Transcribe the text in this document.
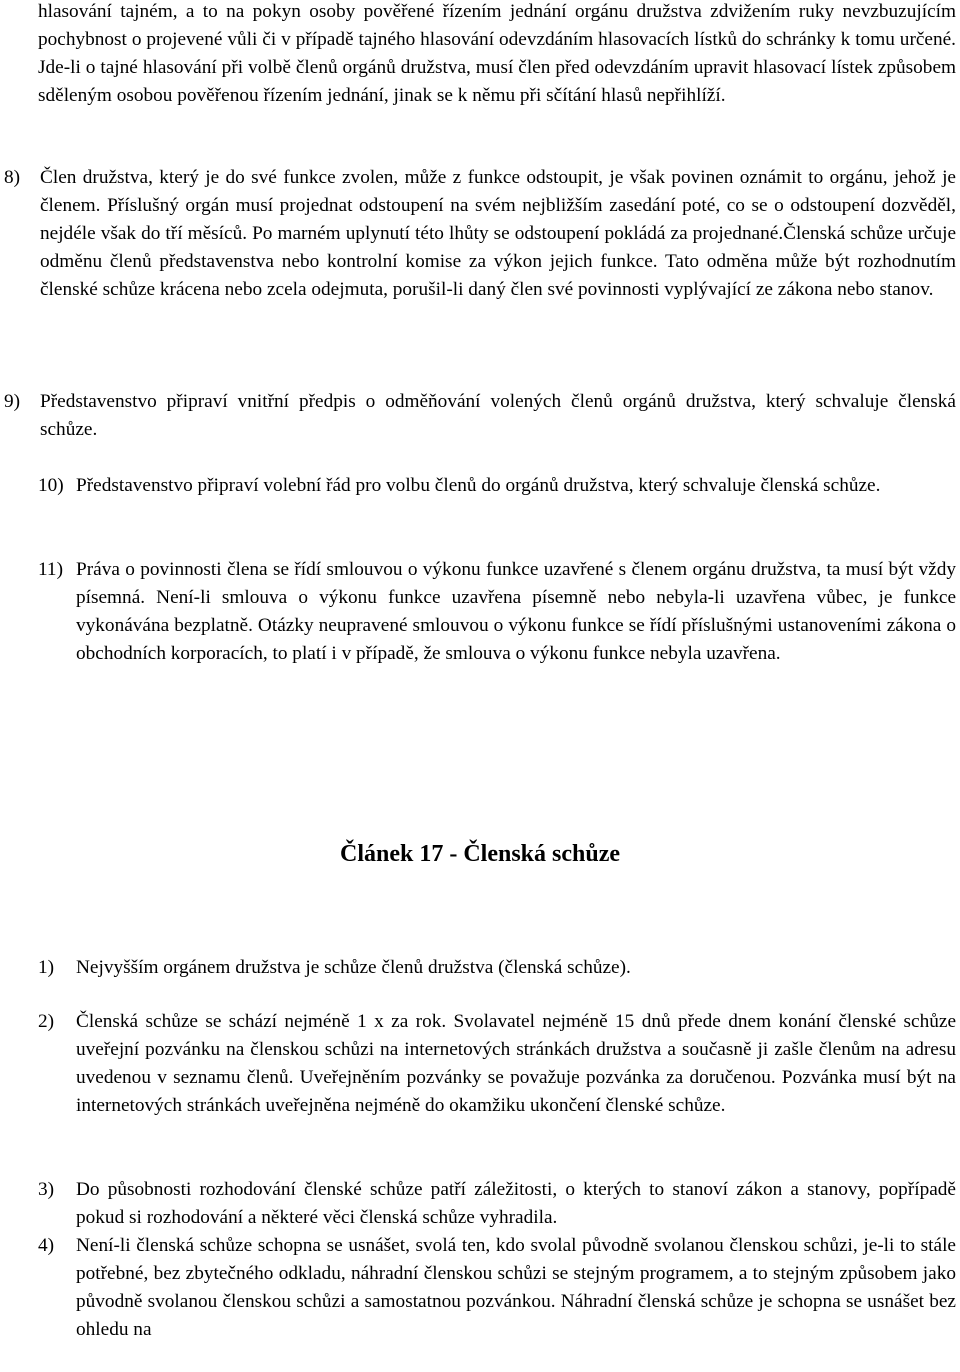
hlasování tajném, a to na pokyn osoby pověřené řízením jednání orgánu družstva zdvižením ruky nevzbuzujícím pochybnost o projevené vůli či v případě tajného hlasování odevzdáním hlasovacích lístků do schránky k tomu určené. Jde-li o tajné hlasování při volbě členů orgánů družstva, musí člen před odevzdáním upravit hlasovací lístek způsobem sděleným osobou pověřenou řízením jednání, jinak se k němu při sčítání hlasů nepřihlíží.

8) Člen družstva, který je do své funkce zvolen, může z funkce odstoupit, je však povinen oznámit to orgánu, jehož je členem. Příslušný orgán musí projednat odstoupení na svém nejbližším zasedání poté, co se o odstoupení dozvěděl, nejdéle však do tří měsíců. Po marném uplynutí této lhůty se odstoupení pokládá za projednané.Členská schůze určuje odměnu členů představenstva nebo kontrolní komise za výkon jejich funkce. Tato odměna může být rozhodnutím členské schůze krácena nebo zcela odejmuta, porušil-li daný člen své povinnosti vyplývající ze zákona nebo stanov.

9) Představenstvo připraví vnitřní předpis o odměňování volených členů orgánů družstva, který schvaluje členská schůze.

10) Představenstvo připraví volební řád pro volbu členů do orgánů družstva, který schvaluje členská schůze.

11) Práva o povinnosti člena se řídí smlouvou o výkonu funkce uzavřené s členem orgánu družstva, ta musí být vždy písemná. Není-li smlouva o výkonu funkce uzavřena písemně nebo nebyla-li uzavřena vůbec, je funkce vykonávána bezplatně. Otázky neupravené smlouvou o výkonu funkce se řídí příslušnými ustanoveními zákona o obchodních korporacích, to platí i v případě, že smlouva o výkonu funkce nebyla uzavřena.

Článek 17 - Členská schůze

1) Nejvyšším orgánem družstva je schůze členů družstva (členská schůze).

2) Členská schůze se schází nejméně 1 x za rok. Svolavatel nejméně 15 dnů přede dnem konání členské schůze uveřejní pozvánku na členskou schůzi na internetových stránkách družstva a současně ji zašle členům na adresu uvedenou v seznamu členů. Uveřejněním pozvánky se považuje pozvánka za doručenou. Pozvánka musí být na internetových stránkách uveřejněna nejméně do okamžiku ukončení členské schůze.

3) Do působnosti rozhodování členské schůze patří záležitosti, o kterých to stanoví zákon a stanovy, popřípadě pokud si rozhodování a některé věci členská schůze vyhradila.

4) Není-li členská schůze schopna se usnášet, svolá ten, kdo svolal původně svolanou členskou schůzi, je-li to stále potřebné, bez zbytečného odkladu, náhradní členskou schůzi se stejným programem, a to stejným způsobem jako původně svolanou členskou schůzi a samostatnou pozvánkou. Náhradní členská schůze je schopna se usnášet bez ohledu na
